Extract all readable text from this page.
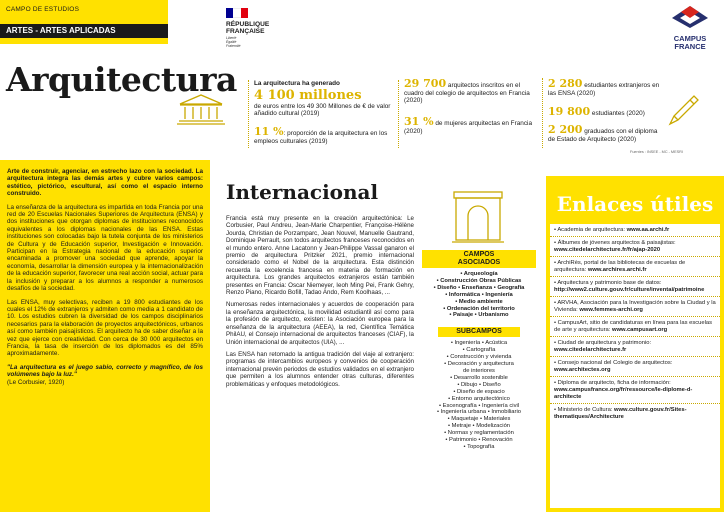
CAMPO DE ESTUDIOS
ARTES - ARTES APLICADAS
RÉPUBLIQUE
FRANÇAISE
Liberté
Égalité
Fraternité
CAMPUS
FRANCE
Arquitectura	La arquitectura ha generado
4 100 millones
de euros entre los 49 300 Millones de € de valor añadido cultural (2019)
11 %: proporción de la arquitectura en los empleos culturales (2019)
29 700 arquitectos inscritos en el cuadro del colegio de arquitectos en Francia (2020)
31 % de mujeres arquitectas en Francia (2020)
2 280 estudiantes extranjeros en las ENSA (2020)
19 800 estudiantes (2020)
2 200 graduados con el diploma de Estado de Arquitecto (2020)
Fuentes : INSEE - MC - MESRI

Arte de construir, agenciar, en estrecho lazo con la sociedad. La arquitectura integra las demás artes y cubre varios campos: estético, pictórico, escultural, así como el espacio interno construido.

La enseñanza de la arquitectura es impartida en toda Francia por una red de 20 Escuelas Nacionales Superiores de Arquitectura (ENSA) y dos instituciones que otorgan diplomas de instituciones reconocidos equivalentes a los diplomas nacionales de las ENSA. Estas instituciones son colocadas bajo la tutela conjunta de los ministerios de Cultura y de Educación superior, Investigación e Innovación. Participan en la Estrategia nacional de la educación superior encaminada a promover una sociedad que aprende, apoyar la economía, desarrollar la dimensión europea y la internacionalización de la educación superior, favorecer una real acción social, actuar para la inclusión y preparar a los alumnos a responder a numerosos desafíos de la sociedad.

Las ENSA, muy selectivas, reciben a 19 800 estudiantes de los cuales el 12% de extranjeros y admiten como media a 1 candidato de 10. Los estudios cubren la diversidad de los campos disciplinarios necesarios para la elaboración de proyectos arquitectónicos, urbanos así como también paisajísticos. El arquitecto ha de saber diseñar a la vez que ejerce con creatividad. Con cerca de 30 000 arquitectos en Francia, la tasa de inserción de los diplomados es del 85% aproximadamente.

"La arquitectura es el juego sabio, correcto y magnífico, de los volúmenes bajo la luz."

(Le Corbusier, 1920)
Internacional

Francia está muy presente en la creación arquitectónica: Le Corbusier, Paul Andreu, Jean-Marie Charpentier, Françoise-Hélène Jourda, Christian de Porzamparc, Jean Nouvel, Manuelle Gautrand, Dominique Perrault, son todos arquitectos franceses reconocidos en el mundo entero. Anne Lacatonn y Jean-Philippe Vassal ganaron el premio de arquitectura Pritzker 2021, premio internacional considerado como el Nobel de la arquitectura. Esta distinción recuerda la excelencia francesa en materia de formación en arquitectura. Los grandes arquitectos extranjeros están también presentes en Francia: Oscar Niemeyer, Ieoh Ming Pei, Frank Gehry, Renzo Piano, Ricardo Bofill, Tadao Ando, Rem Koolhaas, ...

Numerosas redes internacionales y acuerdos de cooperación para la enseñanza arquitectónica, la movilidad estudiantil así como para la profesión de arquitecto, existen: la Asociación europea para la enseñanza de la arquitectura (AEEA), la red, Científica Temática PhilAU, el Consejo internacional de arquitectos franceses (CIAF), la Unión internacional de arquitectos (UIA), ...

Las ENSA han retomado la antigua tradición del viaje al extranjero: programas de intercambios europeos y convenios de cooperación internacional prevén periodos de estudios validados en el extranjero que permiten a los alumnos entender otras culturas, diferentes problemáticas y enfoques metodológicos.

CAMPOS
ASOCIADOS
• Arqueología
• Construcción Obras Públicas
• Diseño • Enseñanza • Geografía
• Informática • Ingeniería
• Medio ambiente
• Ordenación del territorio
• Paisaje • Urbanismo
SUBCAMPOS
• Ingeniería • Acústica
• Cartografía
• Construcción y vivienda
• Decoración y arquitectura
de interiores
• Desarrollo sostenible
• Dibujo • Diseño
• Diseño de espacio
• Entorno arquitectónico
• Escenografía • Ingeniería civil
• Ingeniería urbana • Inmobiliario
• Maquetaje • Materiales
• Metraje • Modelización
• Normas y reglamentación
• Patrimonio • Renovación
• Topografía
Enlaces útiles
• Academia de arquitectura: www.aa.archi.fr
• Álbumes de jóvenes arquitectos & paisajistas: www.citedelarchitecture.fr/fr/ajap-2020
• ArchiRès, portal de las bibliotecas de escuelas de arquitectura: www.archires.archi.fr
• Arquitectura y patrimonio base de datos: http://www2.culture.gouv.fr/culture/inventai/patrimoine
• ARVHA, Asociación para la Investigación sobre la Ciudad y la Vivienda: www.femmes-archi.org
• CampusArt, sitio de candidaturas en línea para las escuelas de arte y arquitectura: www.campusart.org
• Ciudad de arquitectura y patrimonio: www.citedelarchitecture.fr
• Consejo nacional del Colegio de arquitectos: www.architectes.org
• Diploma de arquitecto, ficha de información: www.campusfrance.org/fr/ressource/le-diplome-d-architecte
• Ministerio de Cultura: www.culture.gouv.fr/Sites-thematiques/Architecture
